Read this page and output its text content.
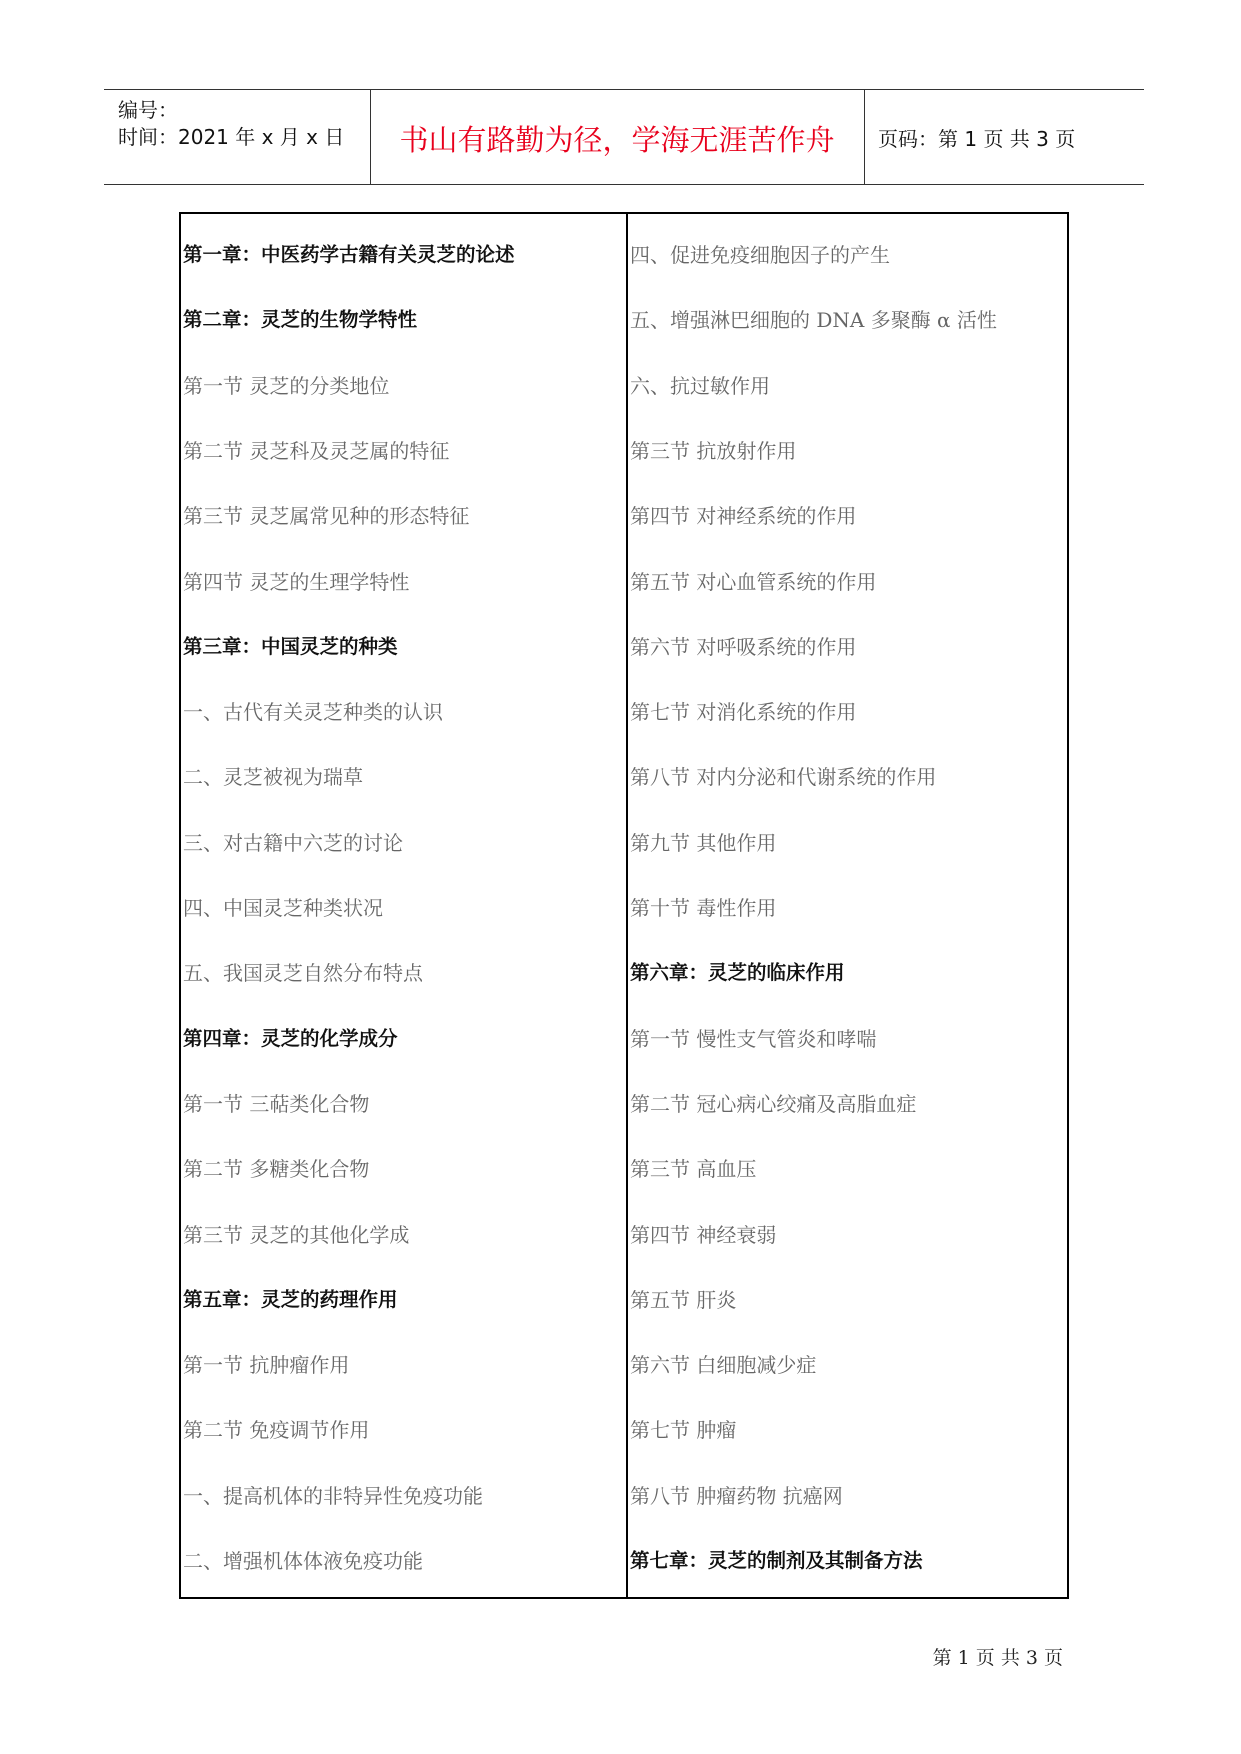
编号：
时间：2021 年 x 月 x 日	书山有路勤为径，学海无涯苦作舟	页码：第 1 页 共 3 页
第一章：中医药学古籍有关灵芝的论述
第二章：灵芝的生物学特性
第一节 灵芝的分类地位
第二节 灵芝科及灵芝属的特征
第三节 灵芝属常见种的形态特征
第四节 灵芝的生理学特性
第三章：中国灵芝的种类
一、古代有关灵芝种类的认识
二、灵芝被视为瑞草
三、对古籍中六芝的讨论
四、中国灵芝种类状况
五、我国灵芝自然分布特点
第四章：灵芝的化学成分
第一节 三萜类化合物
第二节 多糖类化合物
第三节 灵芝的其他化学成
第五章：灵芝的药理作用
第一节 抗肿瘤作用
第二节 免疫调节作用
一、提高机体的非特异性免疫功能
二、增强机体体液免疫功能
四、促进免疫细胞因子的产生
五、增强淋巴细胞的 DNA 多聚酶 α 活性
六、抗过敏作用
第三节 抗放射作用
第四节 对神经系统的作用
第五节 对心血管系统的作用
第六节 对呼吸系统的作用
第七节 对消化系统的作用
第八节 对内分泌和代谢系统的作用
第九节 其他作用
第十节 毒性作用
第六章：灵芝的临床作用
第一节 慢性支气管炎和哮喘
第二节 冠心病心绞痛及高脂血症
第三节 高血压
第四节 神经衰弱
第五节 肝炎
第六节 白细胞减少症
第七节 肿瘤
第八节 肿瘤药物 抗癌网
第七章：灵芝的制剂及其制备方法
第 1 页 共 3 页
